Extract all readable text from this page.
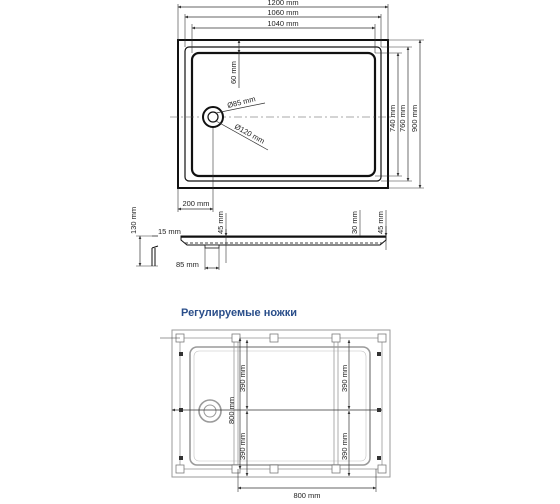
Ø85 mm
Ø120 mm
1200 mm
1060 mm
1040 mm
60 mm
740 mm 760 mm 900 mm
200 mm
130 mm	15 mm	45 mm	30 mm 45 mm
85 mm
Регулируемые ножки
390 mm
390 mm
390 mm
390 mm
800 mm
800 mm
